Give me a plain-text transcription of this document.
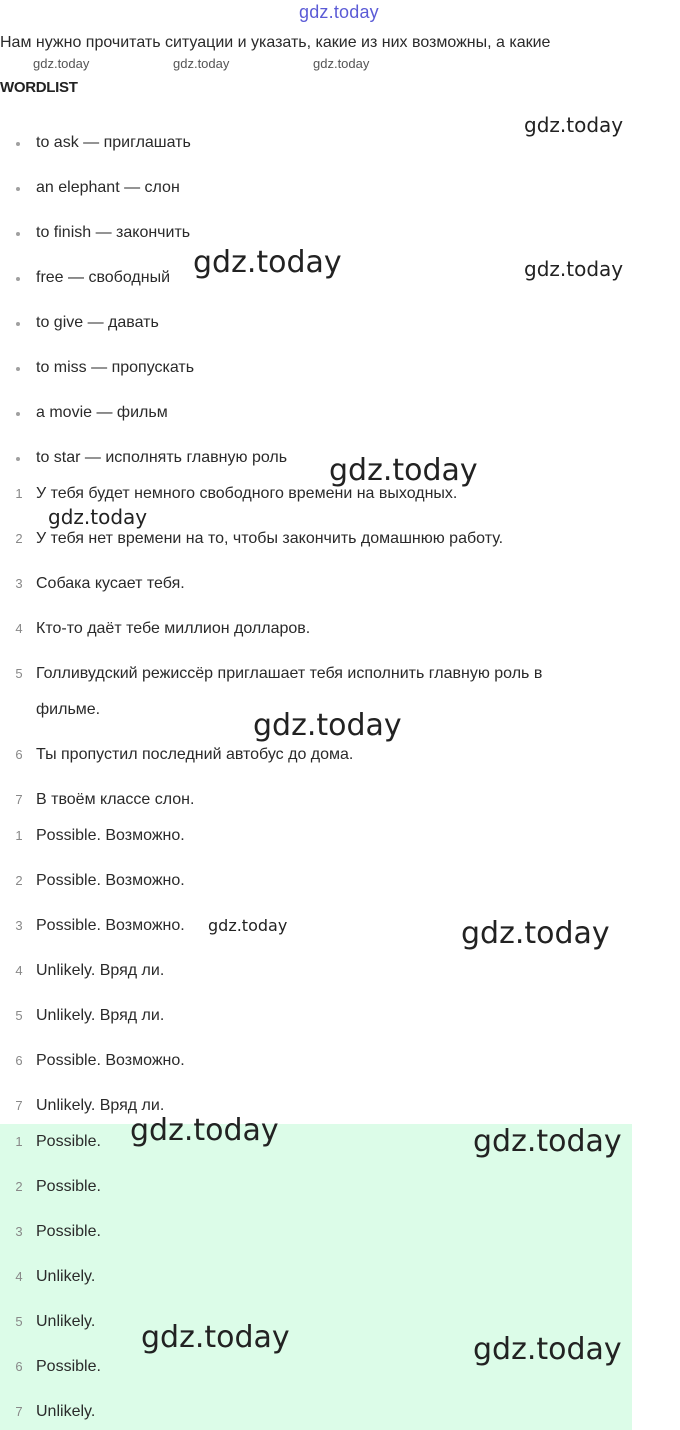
gdz.today
Нам нужно прочитать ситуации и указать, какие из них возможны, а какие
gdz.today	gdz.today	gdz.today
WORDLIST
to ask — приглашать
an elephant — слон
to finish — закончить
free — свободный
to give — давать
to miss — пропускать
a movie — фильм
to star — исполнять главную роль
1 У тебя будет немного свободного времени на выходных.
2 У тебя нет времени на то, чтобы закончить домашнюю работу.
3 Собака кусает тебя.
4 Кто-то даёт тебе миллион долларов.
5 Голливудский режиссёр приглашает тебя исполнить главную роль в
фильме.
6 Ты пропустил последний автобус до дома.
7 В твоём классе слон.
1 Possible. Возможно.
2 Possible. Возможно.
3 Possible. Возможно.
4 Unlikely. Вряд ли.
5 Unlikely. Вряд ли.
6 Possible. Возможно.
7 Unlikely. Вряд ли.
1 Possible.
2 Possible.
3 Possible.
4 Unlikely.
5 Unlikely.
6 Possible.
7 Unlikely.
gdz.today
gdz.today	gdz.today
gdz.today
gdz.today
gdz.today
gdz.today	gdz.today
gdz.today	gdz.today
gdz.today	gdz.today
